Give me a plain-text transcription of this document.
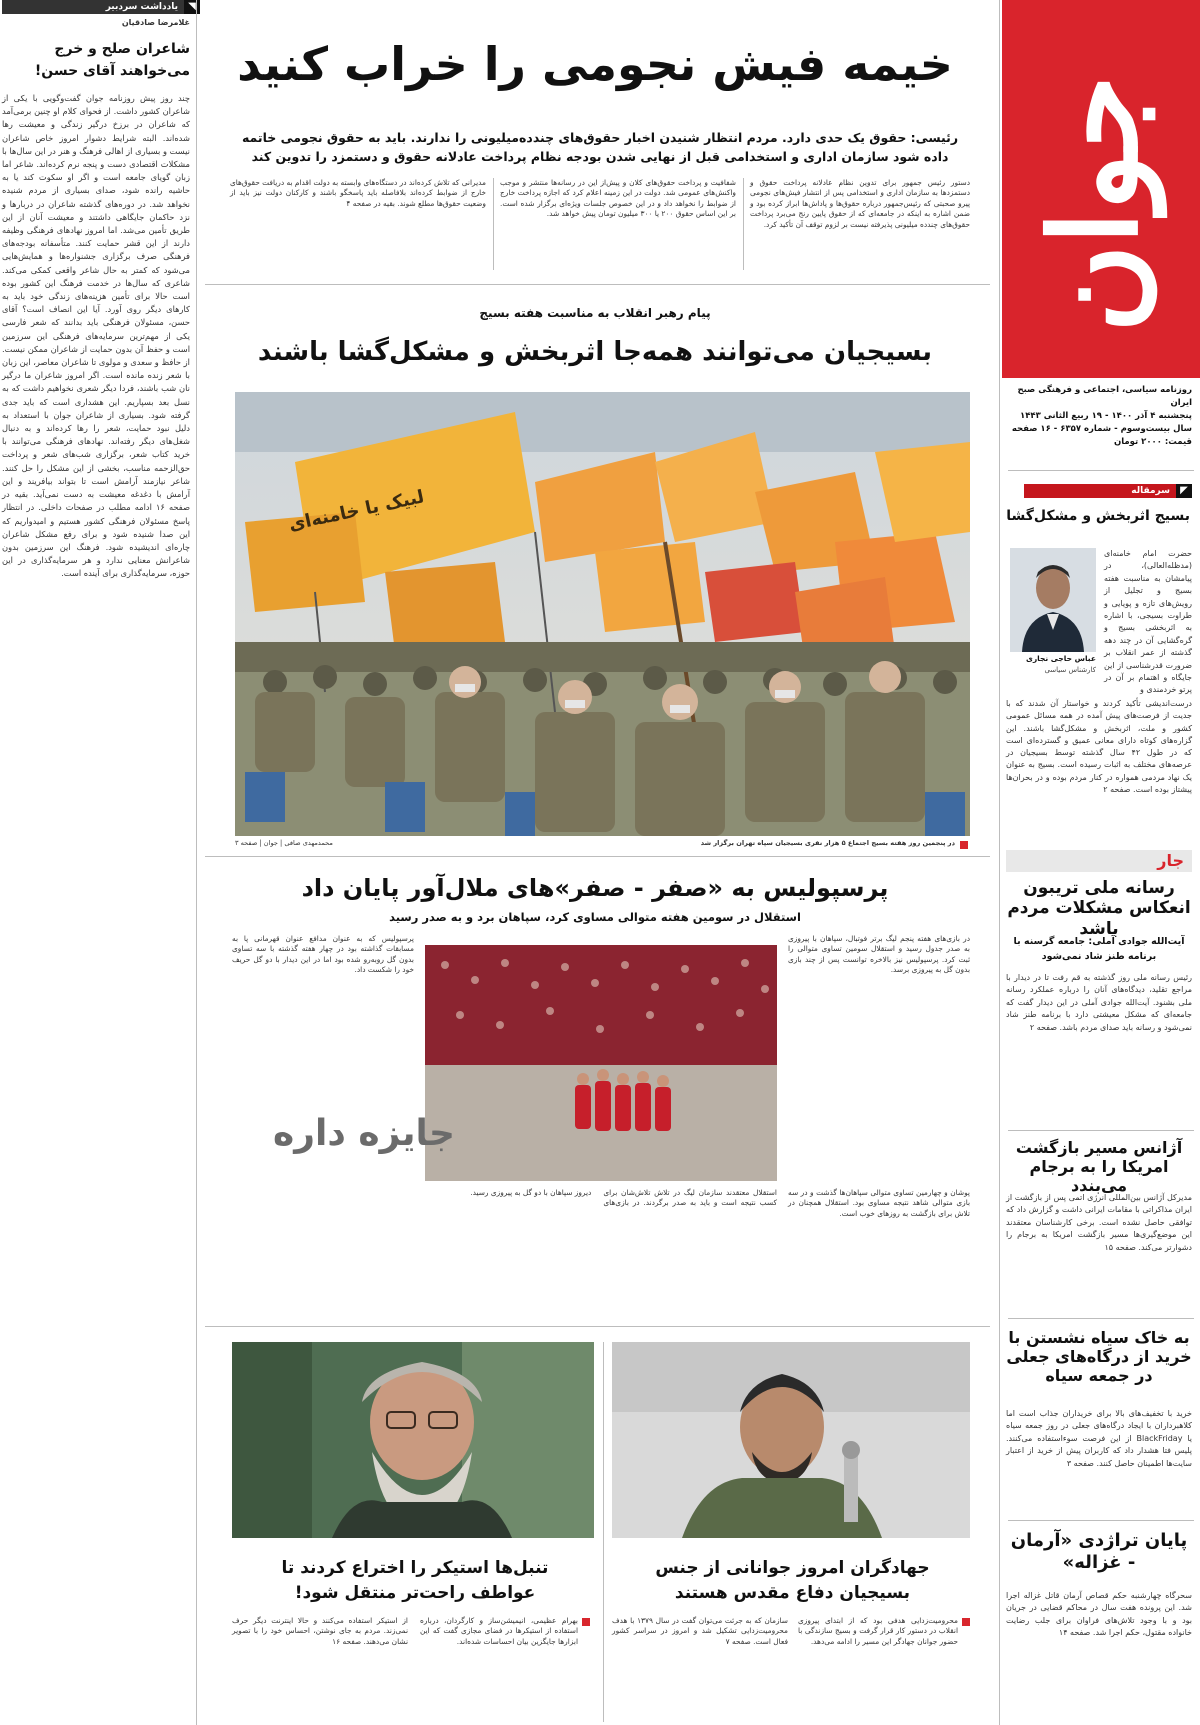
جوان
روزنامه سیاسی، اجتماعی و فرهنگی صبح ایران
پنجشنبه ۴ آذر ۱۴۰۰ - ۱۹ ربیع الثانی ۱۴۴۳
سال بیست‌وسوم - شماره ۶۳۵۷ - ۱۶ صفحه
قیمت: ۲۰۰۰ تومان
◤
سرمقاله
بسیج اثربخش و مشکل‌گشا
عباس حاجی نجاری
کارشناس سیاسی
حضرت امام خامنه‌ای (مدظله‌العالی)، در پیامشان به مناسبت هفته بسیج و تجلیل از رویش‌های تازه و پویایی و طراوت بسیجی، با اشاره به اثربخشی بسیج و گره‌گشایی آن در چند دهه گذشته از عمر انقلاب بر ضرورت قدرشناسی از این جایگاه و اهتمام بر آن در پرتو خردمندی و
درست‌اندیشی تأکید کردند و خواستار آن شدند که با جدیت از فرصت‌های پیش آمده در همه مسائل عمومی کشور و ملت، اثربخش و مشکل‌گشا باشند. این گزاره‌های کوتاه دارای معانی عمیق و گسترده‌ای است که در طول ۴۲ سال گذشته توسط بسیجیان در عرصه‌های مختلف به اثبات رسیده است. بسیج به عنوان یک نهاد مردمی همواره در کنار مردم بوده و در بحران‌ها پیشتاز بوده است. صفحه ۲
جار
رسانه ملی تریبون انعکاس مشکلات مردم باشد
آیت‌الله جوادی آملی: جامعه گرسنه با برنامه طنز شاد نمی‌شود
رئیس رسانه ملی روز گذشته به قم رفت تا در دیدار با مراجع تقلید، دیدگاه‌های آنان را درباره عملکرد رسانه ملی بشنود. آیت‌الله جوادی آملی در این دیدار گفت که جامعه‌ای که مشکل معیشتی دارد با برنامه طنز شاد نمی‌شود و رسانه باید صدای مردم باشد. صفحه ۲
آژانس مسیر بازگشت امریکا را به برجام می‌بندد
مدیرکل آژانس بین‌المللی انرژی اتمی پس از بازگشت از ایران مذاکراتی با مقامات ایرانی داشت و گزارش داد که توافقی حاصل نشده است. برخی کارشناسان معتقدند این موضع‌گیری‌ها مسیر بازگشت امریکا به برجام را دشوارتر می‌کند. صفحه ۱۵
به خاک سیاه نشستن با خرید از درگاه‌های جعلی در جمعه سیاه
خرید با تخفیف‌های بالا برای خریداران جذاب است اما کلاهبرداران با ایجاد درگاه‌های جعلی در روز جمعه سیاه یا BlackFriday از این فرصت سوءاستفاده می‌کنند. پلیس فتا هشدار داد که کاربران پیش از خرید از اعتبار سایت‌ها اطمینان حاصل کنند. صفحه ۳
پایان تراژدی «آرمان - غزاله»
سحرگاه چهارشنبه حکم قصاص آرمان قاتل غزاله اجرا شد. این پرونده هفت سال در محاکم قضایی در جریان بود و با وجود تلاش‌های فراوان برای جلب رضایت خانواده مقتول، حکم اجرا شد. صفحه ۱۴
یادداشت سردبیر	◥
غلامرضا صادقیان
شاعران صلح و خرج می‌خواهند آقای حسن!
چند روز پیش روزنامه جوان گفت‌وگویی با یکی از شاعران کشور داشت. از فحوای کلام او چنین برمی‌آمد که شاعران در برزخ درگیر زندگی و معیشت رها شده‌اند. البته شرایط دشوار امروز خاص شاعران نیست و بسیاری از اهالی فرهنگ و هنر در این سال‌ها با مشکلات اقتصادی دست و پنجه نرم کرده‌اند. شاعر اما زبان گویای جامعه است و اگر او سکوت کند یا به حاشیه رانده شود، صدای بسیاری از مردم شنیده نخواهد شد. در دوره‌های گذشته شاعران در دربارها و نزد حاکمان جایگاهی داشتند و معیشت آنان از این طریق تأمین می‌شد. اما امروز نهادهای فرهنگی وظیفه دارند از این قشر حمایت کنند. متأسفانه بودجه‌های فرهنگی صرف برگزاری جشنواره‌ها و همایش‌هایی می‌شود که کمتر به حال شاعر واقعی کمکی می‌کند. شاعری که سال‌ها در خدمت فرهنگ این کشور بوده است حالا برای تأمین هزینه‌های زندگی خود باید به کارهای دیگر روی آورد. آیا این انصاف است؟ آقای حسن، مسئولان فرهنگی باید بدانند که شعر فارسی یکی از مهم‌ترین سرمایه‌های فرهنگی این سرزمین است و حفظ آن بدون حمایت از شاعران ممکن نیست. از حافظ و سعدی و مولوی تا شاعران معاصر، این زبان با شعر زنده مانده است. اگر امروز شاعران ما درگیر نان شب باشند، فردا دیگر شعری نخواهیم داشت که به نسل بعد بسپاریم. این هشداری است که باید جدی گرفته شود. بسیاری از شاعران جوان با استعداد به دلیل نبود حمایت، شعر را رها کرده‌اند و به دنبال شغل‌های دیگر رفته‌اند. نهادهای فرهنگی می‌توانند با خرید کتاب شعر، برگزاری شب‌های شعر و پرداخت حق‌الزحمه مناسب، بخشی از این مشکل را حل کنند. شاعر نیازمند آرامش است تا بتواند بیافریند و این آرامش با دغدغه معیشت به دست نمی‌آید. بقیه در صفحه ۱۶ ادامه مطلب در صفحات داخلی. در انتظار پاسخ مسئولان فرهنگی کشور هستیم و امیدواریم که این صدا شنیده شود و برای رفع مشکل شاعران چاره‌ای اندیشیده شود. فرهنگ این سرزمین بدون شاعرانش معنایی ندارد و هر سرمایه‌گذاری در این حوزه، سرمایه‌گذاری برای آینده است.
خیمه فیش نجومی را خراب کنید
رئیسی: حقوق یک حدی دارد. مردم انتظار شنیدن اخبار حقوق‌های چندده‌میلیونی را ندارند. باید به حقوق نجومی خاتمه داده شود سازمان اداری و استخدامی قبل از نهایی شدن بودجه نظام پرداخت عادلانه حقوق و دستمزد را تدوین کند
دستور رئیس جمهور برای تدوین نظام عادلانه پرداخت حقوق و دستمزدها به سازمان اداری و استخدامی پس از انتشار فیش‌های نجومی پیرو صحبتی که رئیس‌جمهور درباره حقوق‌ها و پاداش‌ها ابراز کرده بود و ضمن اشاره به اینکه در جامعه‌ای که از حقوق پایین رنج می‌برد پرداخت حقوق‌های چندده میلیونی پذیرفته نیست بر لزوم توقف آن تأکید کرد.
شفافیت و پرداخت حقوق‌های کلان و پیش‌از این در رسانه‌ها منتشر و موجب واکنش‌های عمومی شد. دولت در این زمینه اعلام کرد که اجازه پرداخت خارج از ضوابط را نخواهد داد و در این خصوص جلسات ویژه‌ای برگزار شده است. بر این اساس حقوق ۲۰۰ یا ۳۰۰ میلیون تومان پیش خواهد شد.
مدیرانی که تلاش کرده‌اند در دستگاه‌های وابسته به دولت اقدام به دریافت حقوق‌های خارج از ضوابط کرده‌اند بلافاصله باید پاسخگو باشند و کارکنان دولت نیز باید از وضعیت حقوق‌ها مطلع شوند. بقیه در صفحه ۴
پیام رهبر انقلاب به مناسبت هفته بسیج
بسیجیان می‌توانند همه‌جا اثربخش و مشکل‌گشا باشند
لبیک یا خامنه‌ای
در پنجمین روز هفته بسیج اجتماع ۵ هزار نفری بسیجیان سپاه تهران برگزار شد
محمدمهدی صافی | جوان | صفحه ۳
پرسپولیس به «صفر - صفر»های ملال‌آور پایان داد
استقلال در سومین هفته متوالی مساوی کرد، سپاهان برد و به صدر رسید
در بازی‌های هفته پنجم لیگ برتر فوتبال، سپاهان با پیروزی به صدر جدول رسید و استقلال سومین تساوی متوالی را ثبت کرد. پرسپولیس نیز بالاخره توانست پس از چند بازی بدون گل به پیروزی برسد.
جایزه داره
پرسپولیس که به عنوان مدافع عنوان قهرمانی پا به مسابقات گذاشته بود در چهار هفته گذشته با سه تساوی بدون گل روبه‌رو شده بود اما در این دیدار با دو گل حریف خود را شکست داد.
پوشان و چهارمین تساوی متوالی سپاهان‌ها گذشت و در سه بازی متوالی شاهد نتیجه مساوی بود. استقلال همچنان در تلاش برای بازگشت به روزهای خوب است.
استقلال معتقدند سازمان لیگ در تلاش تلاش‌شان برای کسب نتیجه است و باید به صدر برگردند. در بازی‌های دیروز سپاهان با دو گل به پیروزی رسید.
تنبل‌ها استیکر را اختراع کردند تا عواطف راحت‌تر منتقل شود!
جهادگران امروز جوانانی از جنس بسیجیان دفاع مقدس هستند
بهرام عظیمی، انیمیشن‌ساز و کارگردان، درباره استفاده از استیکرها در فضای مجازی گفت که این ابزارها جایگزین بیان احساسات شده‌اند.
از استیکر استفاده می‌کنند و حالا اینترنت دیگر حرف نمی‌زند. مردم به جای نوشتن، احساس خود را با تصویر نشان می‌دهند. صفحه ۱۶
محرومیت‌زدایی هدفی بود که از ابتدای پیروزی انقلاب در دستور کار قرار گرفت و بسیج سازندگی با حضور جوانان جهادگر این مسیر را ادامه می‌دهد.
سازمان که به جرئت می‌توان گفت در سال ۱۳۷۹ با هدف محرومیت‌زدایی تشکیل شد و امروز در سراسر کشور فعال است. صفحه ۷
